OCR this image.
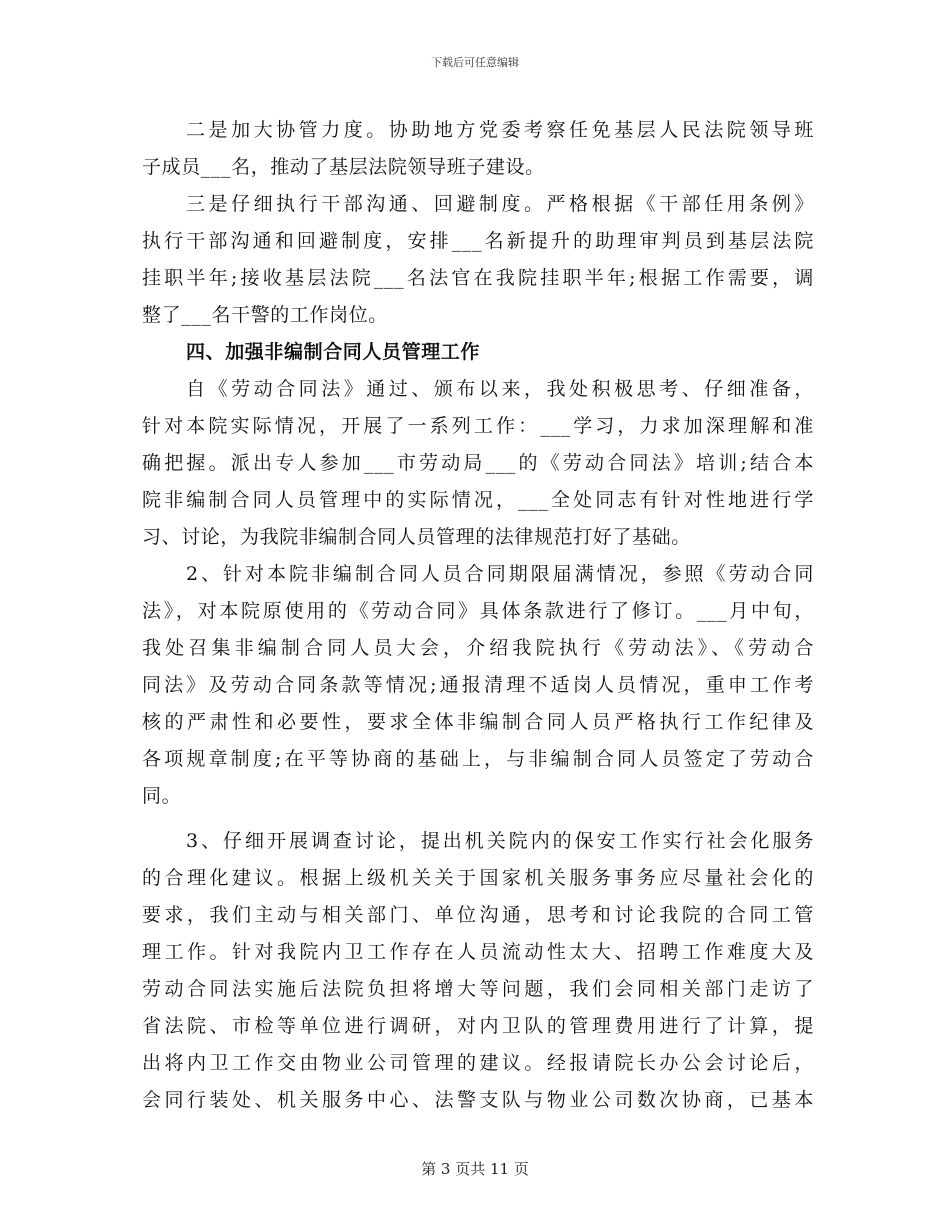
下载后可任意编辑
二是加大协管力度。协助地方党委考察任免基层人民法院领导班
子成员___名，推动了基层法院领导班子建设。
三是仔细执行干部沟通、回避制度。严格根据《干部任用条例》
执行干部沟通和回避制度，安排___名新提升的助理审判员到基层法院
挂职半年;接收基层法院___名法官在我院挂职半年;根据工作需要，调
整了___名干警的工作岗位。
四、加强非编制合同人员管理工作
自《劳动合同法》通过、颁布以来，我处积极思考、仔细准备，
针对本院实际情况，开展了一系列工作：___学习，力求加深理解和准
确把握。派出专人参加___市劳动局___的《劳动合同法》培训;结合本
院非编制合同人员管理中的实际情况，___全处同志有针对性地进行学
习、讨论，为我院非编制合同人员管理的法律规范打好了基础。
2、针对本院非编制合同人员合同期限届满情况，参照《劳动合同
法》，对本院原使用的《劳动合同》具体条款进行了修订。___月中旬，
我处召集非编制合同人员大会，介绍我院执行《劳动法》、《劳动合
同法》及劳动合同条款等情况;通报清理不适岗人员情况，重申工作考
核的严肃性和必要性，要求全体非编制合同人员严格执行工作纪律及
各项规章制度;在平等协商的基础上，与非编制合同人员签定了劳动合
同。
3、仔细开展调查讨论，提出机关院内的保安工作实行社会化服务
的合理化建议。根据上级机关关于国家机关服务事务应尽量社会化的
要求，我们主动与相关部门、单位沟通，思考和讨论我院的合同工管
理工作。针对我院内卫工作存在人员流动性太大、招聘工作难度大及
劳动合同法实施后法院负担将增大等问题，我们会同相关部门走访了
省法院、市检等单位进行调研，对内卫队的管理费用进行了计算，提
出将内卫工作交由物业公司管理的建议。经报请院长办公会讨论后，
会同行装处、机关服务中心、法警支队与物业公司数次协商，已基本
第 3 页共 11 页
